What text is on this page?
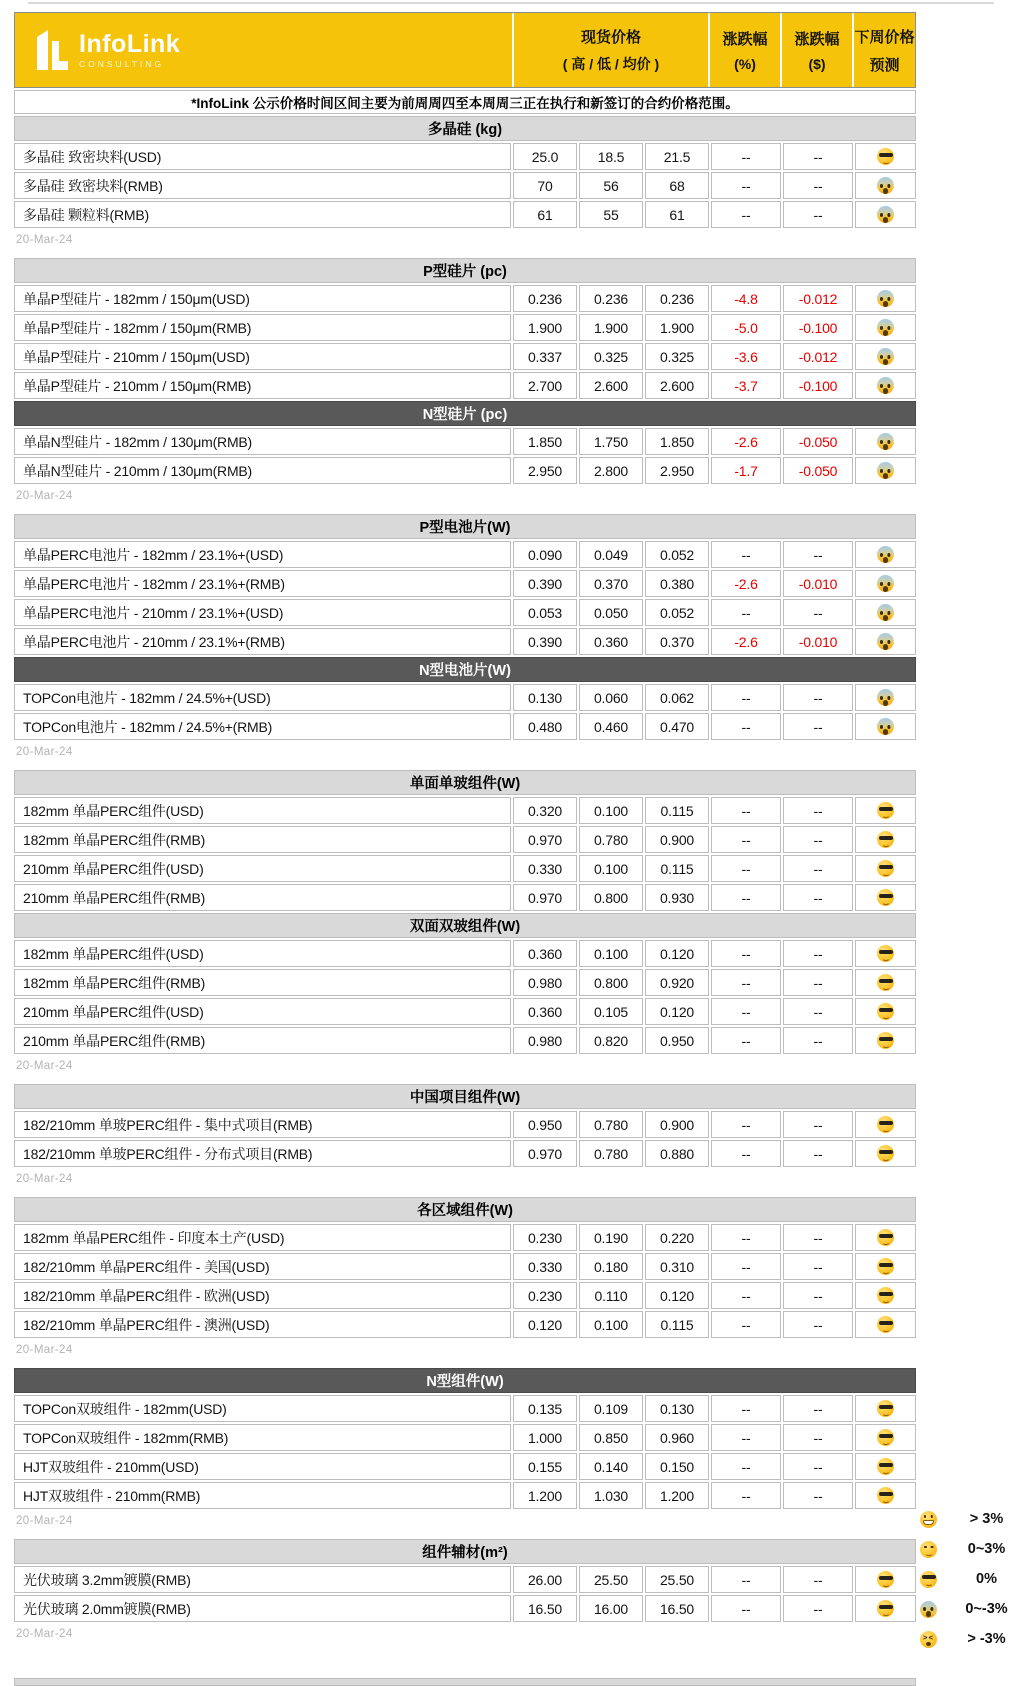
InfoLink
CONSULTING
现货价格
( 高 / 低 / 均价 )
涨跌幅
(%)
涨跌幅
($)
下周价格
预测
*InfoLink 公示价格时间区间主要为前周周四至本周周三正在执行和新签订的合约价格范围。
多晶硅 (kg)
多晶硅 致密块料(USD)	25.0	18.5	21.5	--	--
多晶硅 致密块料(RMB)	70	56	68	--	--
多晶硅 颗粒料(RMB)	61	55	61	--	--
20-Mar-24
P型硅片 (pc)
单晶P型硅片 - 182mm / 150μm(USD)	0.236	0.236	0.236	-4.8	-0.012
单晶P型硅片 - 182mm / 150μm(RMB)	1.900	1.900	1.900	-5.0	-0.100
单晶P型硅片 - 210mm / 150μm(USD)	0.337	0.325	0.325	-3.6	-0.012
单晶P型硅片 - 210mm / 150μm(RMB)	2.700	2.600	2.600	-3.7	-0.100
N型硅片 (pc)
单晶N型硅片 - 182mm / 130μm(RMB)	1.850	1.750	1.850	-2.6	-0.050
单晶N型硅片 - 210mm / 130μm(RMB)	2.950	2.800	2.950	-1.7	-0.050
20-Mar-24
P型电池片(W)
单晶PERC电池片 - 182mm / 23.1%+(USD)	0.090	0.049	0.052	--	--
单晶PERC电池片 - 182mm / 23.1%+(RMB)	0.390	0.370	0.380	-2.6	-0.010
单晶PERC电池片 - 210mm / 23.1%+(USD)	0.053	0.050	0.052	--	--
单晶PERC电池片 - 210mm / 23.1%+(RMB)	0.390	0.360	0.370	-2.6	-0.010
N型电池片(W)
TOPCon电池片 - 182mm / 24.5%+(USD)	0.130	0.060	0.062	--	--
TOPCon电池片 - 182mm / 24.5%+(RMB)	0.480	0.460	0.470	--	--
20-Mar-24
单面单玻组件(W)
182mm 单晶PERC组件(USD)	0.320	0.100	0.115	--	--
182mm 单晶PERC组件(RMB)	0.970	0.780	0.900	--	--
210mm 单晶PERC组件(USD)	0.330	0.100	0.115	--	--
210mm 单晶PERC组件(RMB)	0.970	0.800	0.930	--	--
双面双玻组件(W)
182mm 单晶PERC组件(USD)	0.360	0.100	0.120	--	--
182mm 单晶PERC组件(RMB)	0.980	0.800	0.920	--	--
210mm 单晶PERC组件(USD)	0.360	0.105	0.120	--	--
210mm 单晶PERC组件(RMB)	0.980	0.820	0.950	--	--
20-Mar-24
中国项目组件(W)
182/210mm 单玻PERC组件 - 集中式项目(RMB)	0.950	0.780	0.900	--	--
182/210mm 单玻PERC组件 - 分布式项目(RMB)	0.970	0.780	0.880	--	--
20-Mar-24
各区域组件(W)
182mm 单晶PERC组件 - 印度本土产(USD)	0.230	0.190	0.220	--	--
182/210mm 单晶PERC组件 - 美国(USD)	0.330	0.180	0.310	--	--
182/210mm 单晶PERC组件 - 欧洲(USD)	0.230	0.110	0.120	--	--
182/210mm 单晶PERC组件 - 澳洲(USD)	0.120	0.100	0.115	--	--
20-Mar-24
N型组件(W)
TOPCon双玻组件 - 182mm(USD)	0.135	0.109	0.130	--	--
TOPCon双玻组件 - 182mm(RMB)	1.000	0.850	0.960	--	--
HJT双玻组件 - 210mm(USD)	0.155	0.140	0.150	--	--
HJT双玻组件 - 210mm(RMB)	1.200	1.030	1.200	--	--
20-Mar-24
组件辅材(m²)
光伏玻璃 3.2mm镀膜(RMB)	26.00	25.50	25.50	--	--
光伏玻璃 2.0mm镀膜(RMB)	16.50	16.00	16.50	--	--
20-Mar-24
> 3%
0~3%
0%
0~-3%
><
> -3%
